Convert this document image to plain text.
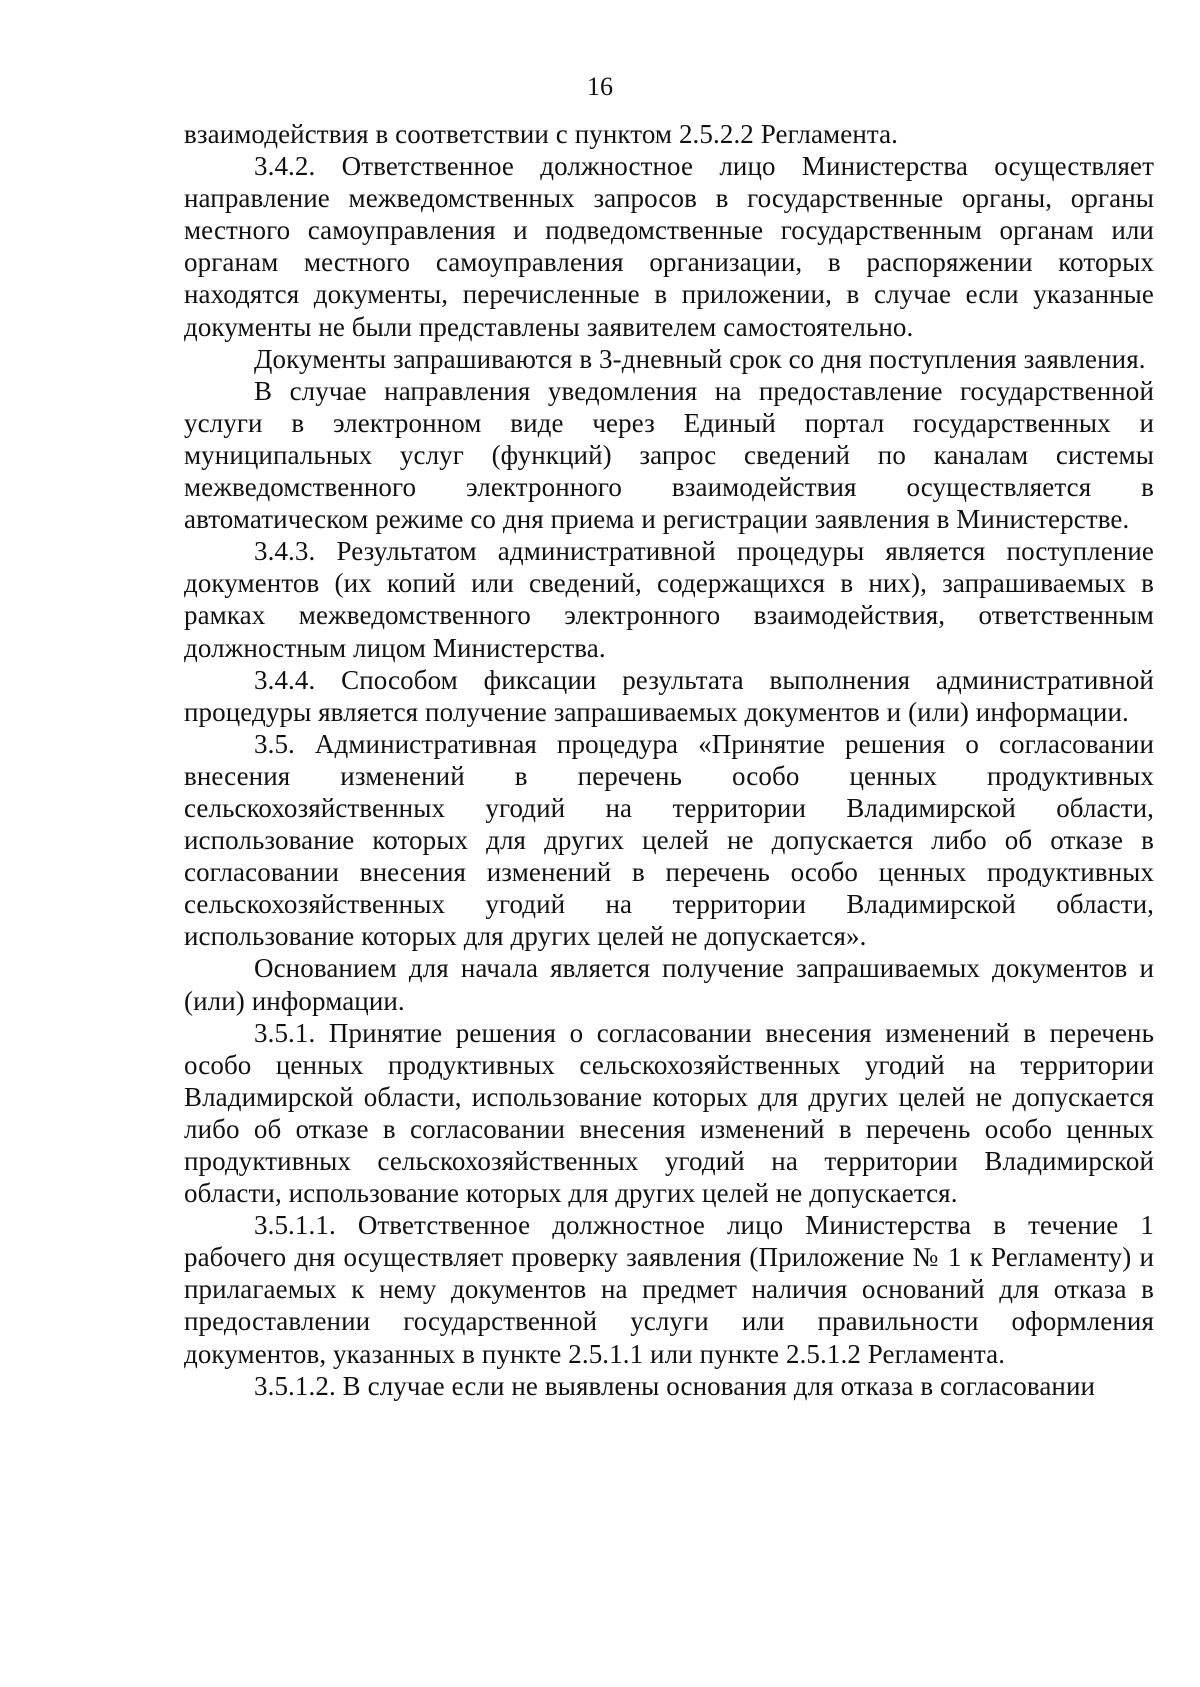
16

взаимодействия в соответствии с пунктом 2.5.2.2 Регламента.

3.4.2. Ответственное должностное лицо Министерства осуществляет направление межведомственных запросов в государственные органы, органы местного самоуправления и подведомственные государственным органам или органам местного самоуправления организации, в распоряжении которых находятся документы, перечисленные в приложении, в случае если указанные документы не были представлены заявителем самостоятельно.

Документы запрашиваются в 3-дневный срок со дня поступления заявления.

В случае направления уведомления на предоставление государственной услуги в электронном виде через Единый портал государственных и муниципальных услуг (функций) запрос сведений по каналам системы межведомственного электронного взаимодействия осуществляется в автоматическом режиме со дня приема и регистрации заявления в Министерстве.

3.4.3. Результатом административной процедуры является поступление документов (их копий или сведений, содержащихся в них), запрашиваемых в рамках межведомственного электронного взаимодействия, ответственным должностным лицом Министерства.

3.4.4. Способом фиксации результата выполнения административной процедуры является получение запрашиваемых документов и (или) информации.

3.5. Административная процедура «Принятие решения о согласовании внесения изменений в перечень особо ценных продуктивных сельскохозяйственных угодий на территории Владимирской области, использование которых для других целей не допускается либо об отказе в согласовании внесения изменений в перечень особо ценных продуктивных сельскохозяйственных угодий на территории Владимирской области, использование которых для других целей не допускается».

Основанием для начала является получение запрашиваемых документов и (или) информации.

3.5.1. Принятие решения о согласовании внесения изменений в перечень особо ценных продуктивных сельскохозяйственных угодий на территории Владимирской области, использование которых для других целей не допускается либо об отказе в согласовании внесения изменений в перечень особо ценных продуктивных сельскохозяйственных угодий на территории Владимирской области, использование которых для других целей не допускается.

3.5.1.1. Ответственное должностное лицо Министерства в течение 1 рабочего дня осуществляет проверку заявления (Приложение № 1 к Регламенту) и прилагаемых к нему документов на предмет наличия оснований для отказа в предоставлении государственной услуги или правильности оформления документов, указанных в пункте 2.5.1.1 или пункте 2.5.1.2 Регламента.

3.5.1.2. В случае если не выявлены основания для отказа в согласовании
